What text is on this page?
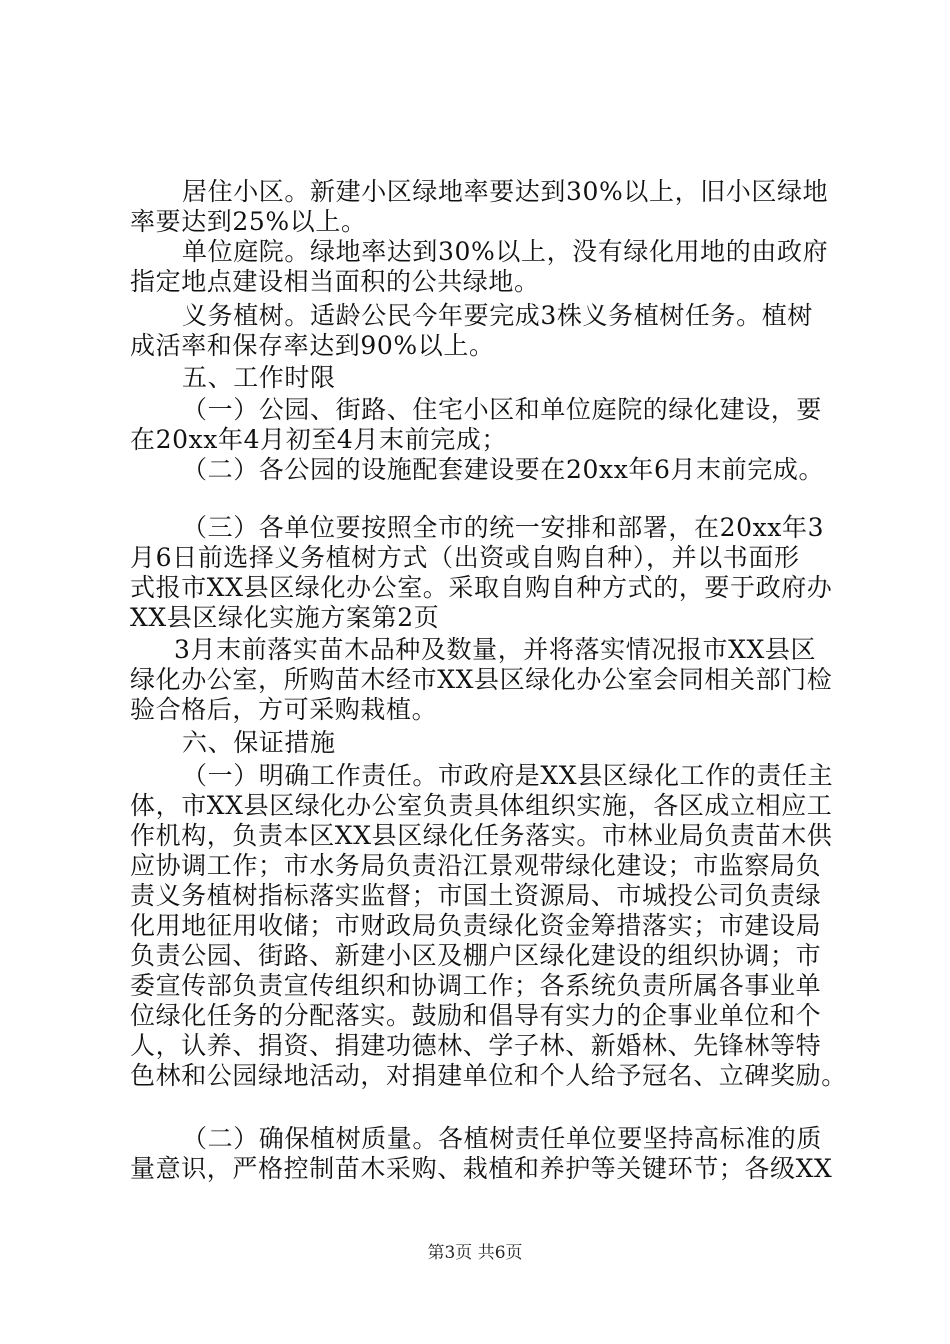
居住小区。新建小区绿地率要达到30%以上，旧小区绿地
率要达到25%以上。
单位庭院。绿地率达到30%以上，没有绿化用地的由政府
指定地点建设相当面积的公共绿地。
义务植树。适龄公民今年要完成3株义务植树任务。植树
成活率和保存率达到90%以上。
五、工作时限
（一）公园、街路、住宅小区和单位庭院的绿化建设，要
在20xx年4月初至4月末前完成；
（二）各公园的设施配套建设要在20xx年6月末前完成。
（三）各单位要按照全市的统一安排和部署，在20xx年3
月6日前选择义务植树方式（出资或自购自种），并以书面形
式报市XX县区绿化办公室。采取自购自种方式的，要于政府办
XX县区绿化实施方案第2页
3月末前落实苗木品种及数量，并将落实情况报市XX县区
绿化办公室，所购苗木经市XX县区绿化办公室会同相关部门检
验合格后，方可采购栽植。
六、保证措施
（一）明确工作责任。市政府是XX县区绿化工作的责任主
体，市XX县区绿化办公室负责具体组织实施，各区成立相应工
作机构，负责本区XX县区绿化任务落实。市林业局负责苗木供
应协调工作；市水务局负责沿江景观带绿化建设；市监察局负
责义务植树指标落实监督；市国土资源局、市城投公司负责绿
化用地征用收储；市财政局负责绿化资金筹措落实；市建设局
负责公园、街路、新建小区及棚户区绿化建设的组织协调；市
委宣传部负责宣传组织和协调工作；各系统负责所属各事业单
位绿化任务的分配落实。鼓励和倡导有实力的企事业单位和个
人，认养、捐资、捐建功德林、学子林、新婚林、先锋林等特
色林和公园绿地活动，对捐建单位和个人给予冠名、立碑奖励。
（二）确保植树质量。各植树责任单位要坚持高标准的质
量意识，严格控制苗木采购、栽植和养护等关键环节；各级XX
第3页 共6页
